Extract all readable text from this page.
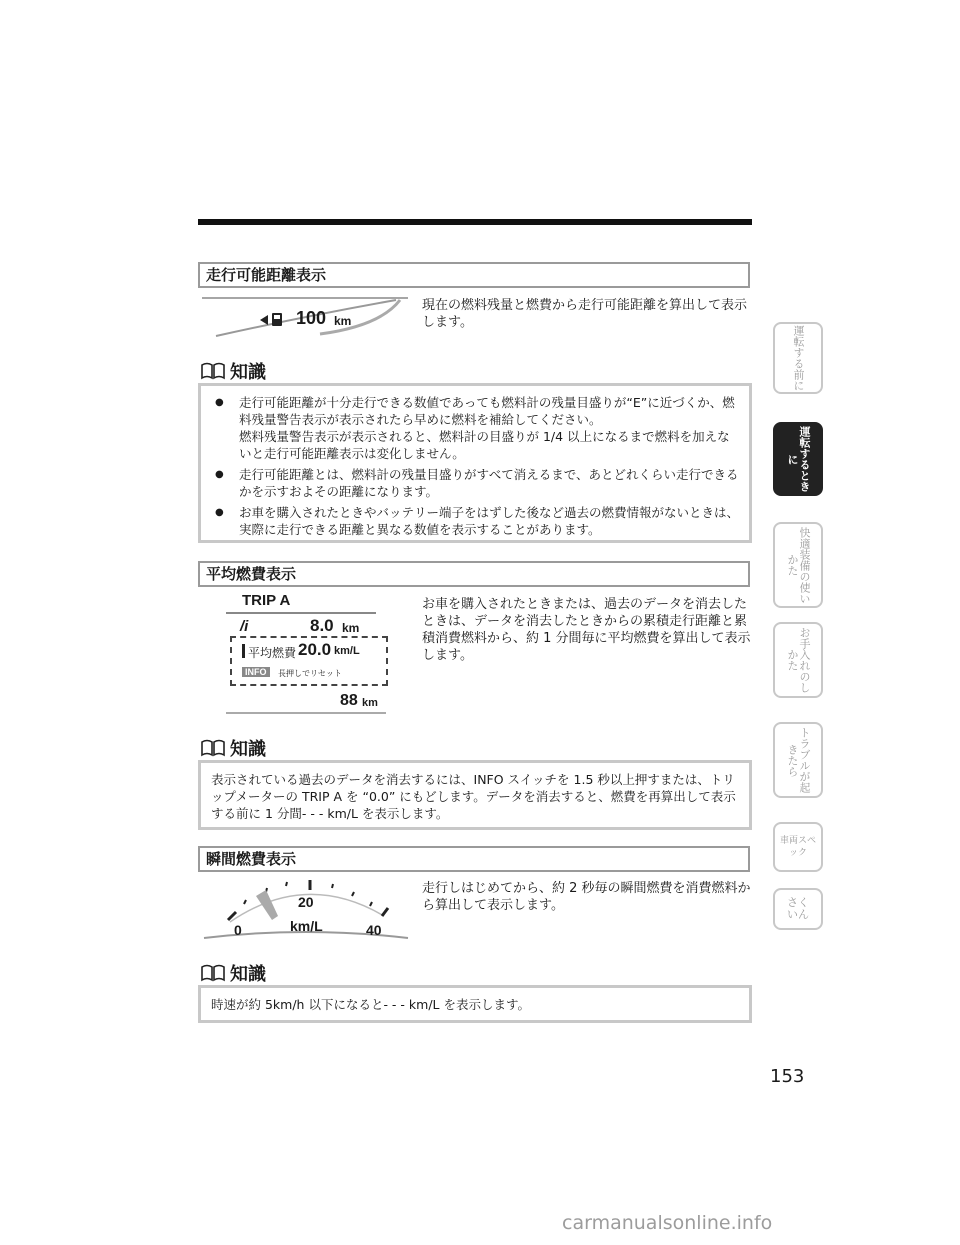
走行可能距離表示
100 km
現在の燃料残量と燃費から走行可能距離を算出して表示します。
知識
● 走行可能距離が十分走行できる数値であっても燃料計の残量目盛りが“E”に近づくか、燃料残量警告表示が表示されたら早めに燃料を補給してください。
燃料残量警告表示が表示されると、燃料計の目盛りが 1/4 以上になるまで燃料を加えないと走行可能距離表示は変化しません。
● 走行可能距離とは、燃料計の残量目盛りがすべて消えるまで、あとどれくらい走行できるかを示すおよその距離になります。
● お車を購入されたときやバッテリー端子をはずした後など過去の燃費情報がないときは、実際に走行できる距離と異なる数値を表示することがあります。
平均燃費表示
TRIP A
/i	8.0 km
平均燃費 20.0 km/L
INFO	長押しでリセット
88 km
お車を購入されたときまたは、過去のデータを消去したときは、データを消去したときからの累積走行距離と累積消費燃料から、約 1 分間毎に平均燃費を算出して表示します。
知識
表示されている過去のデータを消去するには、INFO スイッチを 1.5 秒以上押すまたは、トリップメーターの TRIP A を “0.0” にもどします。データを消去すると、燃費を再算出して表示する前に 1 分間- - - km/L を表示します。
瞬間燃費表示
0
20
km/L	40
走行しはじめてから、約 2 秒毎の瞬間燃費を消費燃料から算出して表示します。
知識
時速が約 5km/h 以下になると- - - km/L を表示します。
運転する前に
運転するときに
快適装備の使いかた
お手入れのしかた
トラブルが起きたら
車両スペック
さくいん
153
carmanualsonline.info
